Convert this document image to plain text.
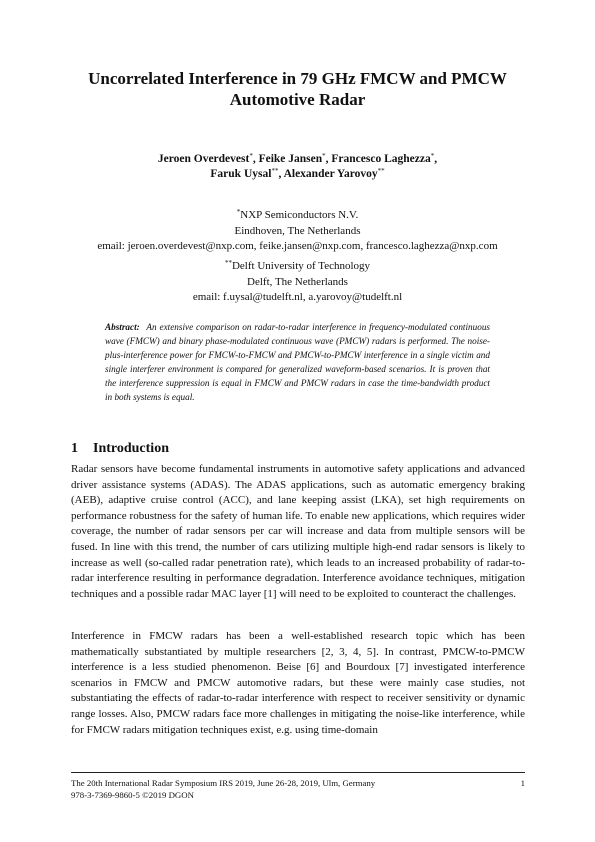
Uncorrelated Interference in 79 GHz FMCW and PMCW Automotive Radar
Jeroen Overdevest*, Feike Jansen*, Francesco Laghezza*,
Faruk Uysal**, Alexander Yarovoy**
*NXP Semiconductors N.V.
Eindhoven, The Netherlands
email: jeroen.overdevest@nxp.com, feike.jansen@nxp.com, francesco.laghezza@nxp.com
**Delft University of Technology
Delft, The Netherlands
email: f.uysal@tudelft.nl, a.yarovoy@tudelft.nl
Abstract: An extensive comparison on radar-to-radar interference in frequency-modulated continuous wave (FMCW) and binary phase-modulated continuous wave (PMCW) radars is performed. The noise-plus-interference power for FMCW-to-FMCW and PMCW-to-PMCW interference in a single victim and single interferer environment is compared for generalized waveform-based scenarios. It is proven that the interference suppression is equal in FMCW and PMCW radars in case the time-bandwidth product in both systems is equal.
1 Introduction
Radar sensors have become fundamental instruments in automotive safety applications and advanced driver assistance systems (ADAS). The ADAS applications, such as automatic emergency braking (AEB), adaptive cruise control (ACC), and lane keeping assist (LKA), set high requirements on performance robustness for the safety of human life. To enable new applications, which requires wider coverage, the number of radar sensors per car will increase and data from multiple sensors will be fused. In line with this trend, the number of cars utilizing multiple high-end radar sensors is likely to increase as well (so-called radar penetration rate), which leads to an increased probability of radar-to-radar interference resulting in performance degradation. Interference avoidance techniques, mitigation techniques and a possible radar MAC layer [1] will need to be exploited to counteract the challenges.
Interference in FMCW radars has been a well-established research topic which has been mathematically substantiated by multiple researchers [2, 3, 4, 5]. In contrast, PMCW-to-PMCW interference is a less studied phenomenon. Beise [6] and Bourdoux [7] investigated interference scenarios in FMCW and PMCW automotive radars, but these were mainly case studies, not substantiating the effects of radar-to-radar interference with respect to receiver sensitivity or dynamic range losses. Also, PMCW radars face more challenges in mitigating the noise-like interference, while for FMCW radars mitigation techniques exist, e.g. using time-domain
The 20th International Radar Symposium IRS 2019, June 26-28, 2019, Ulm, Germany
978-3-7369-9860-5 ©2019 DGON
1
